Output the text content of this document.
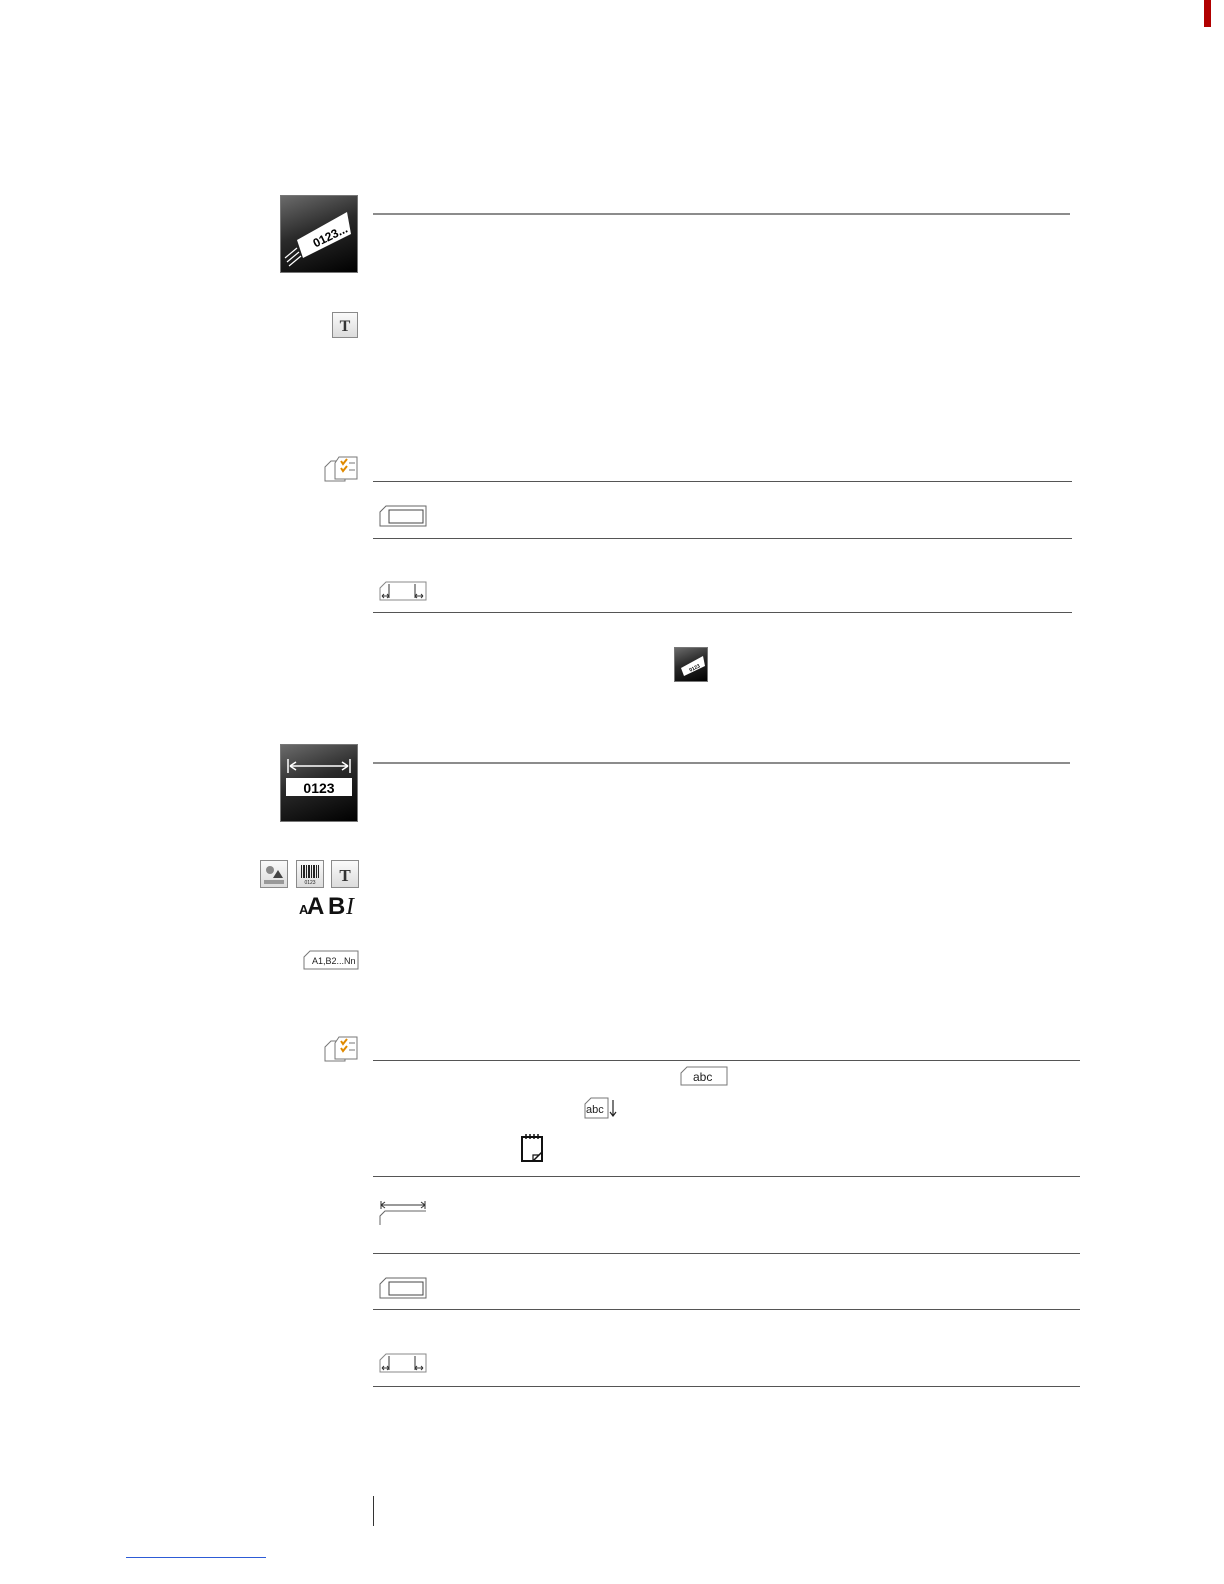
0123...
T
0123
0123
0123 T
A
A B I
A1,B2...Nn
abc
abc
